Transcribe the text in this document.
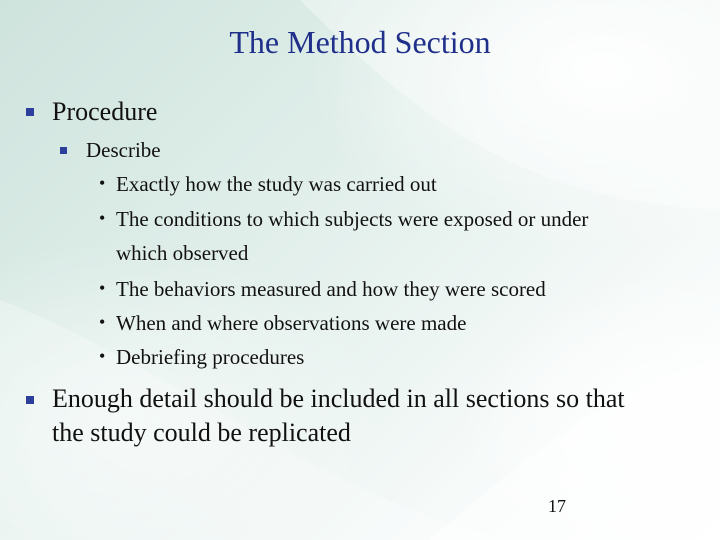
The Method Section
Procedure
Describe
• Exactly how the study was carried out
• The conditions to which subjects were exposed or under
which observed
• The behaviors measured and how they were scored
• When and where observations were made
• Debriefing procedures
Enough detail should be included in all sections so that
the study could be replicated
17
